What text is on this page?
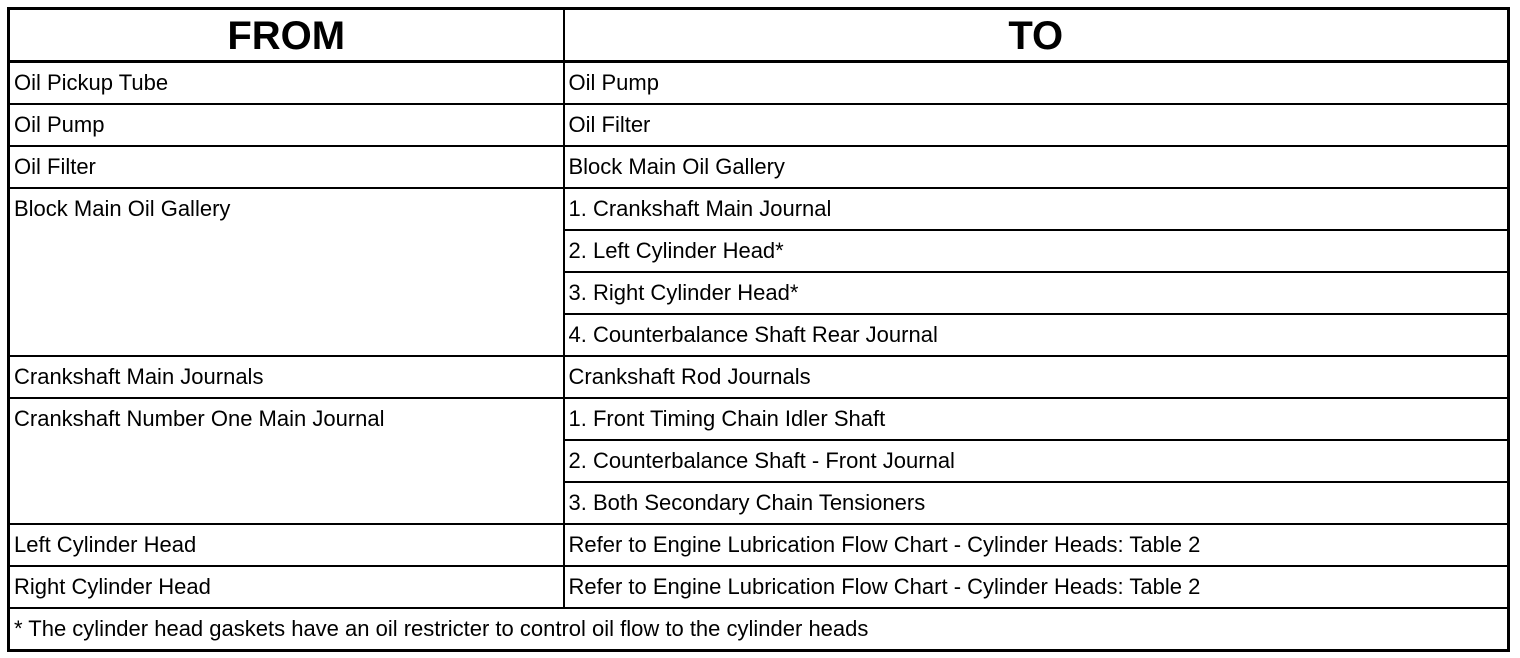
FROM	TO
Oil Pickup Tube	Oil Pump
Oil Pump	Oil Filter
Oil Filter	Block Main Oil Gallery
Block Main Oil Gallery	1. Crankshaft Main Journal
	2. Left Cylinder Head*
	3. Right Cylinder Head*
	4. Counterbalance Shaft Rear Journal
Crankshaft Main Journals	Crankshaft Rod Journals
Crankshaft Number One Main Journal	1. Front Timing Chain Idler Shaft
	2. Counterbalance Shaft - Front Journal
	3. Both Secondary Chain Tensioners
Left Cylinder Head	Refer to Engine Lubrication Flow Chart - Cylinder Heads: Table 2
Right Cylinder Head	Refer to Engine Lubrication Flow Chart - Cylinder Heads: Table 2
* The cylinder head gaskets have an oil restricter to control oil flow to the cylinder heads	
